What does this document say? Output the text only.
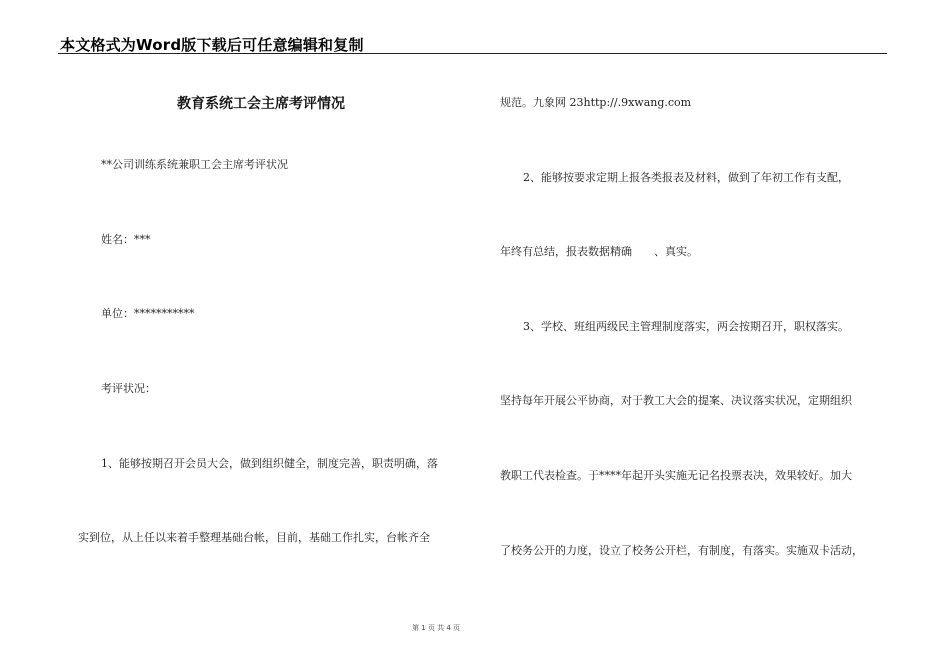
本文格式为Word版下载后可任意编辑和复制
教育系统工会主席考评情况
**公司训练系统兼职工会主席考评状况
姓名：***
单位：***********
考评状况：
1、能够按期召开会员大会，做到组织健全，制度完善，职责明确，落
实到位，从上任以来着手整理基础台帐，目前，基础工作扎实，台帐齐全
规范。九象网 23http://.9xwang.com
2、能够按要求定期上报各类报表及材料，做到了年初工作有支配，
年终有总结，报表数据精确　　、真实。
3、学校、班组两级民主管理制度落实，两会按期召开，职权落实。
坚持每年开展公平协商，对于教工大会的提案、决议落实状况，定期组织
教职工代表检查。于****年起开头实施无记名投票表决，效果较好。加大
了校务公开的力度，设立了校务公开栏，有制度，有落实。实施双卡活动，
第 1 页 共 4 页
